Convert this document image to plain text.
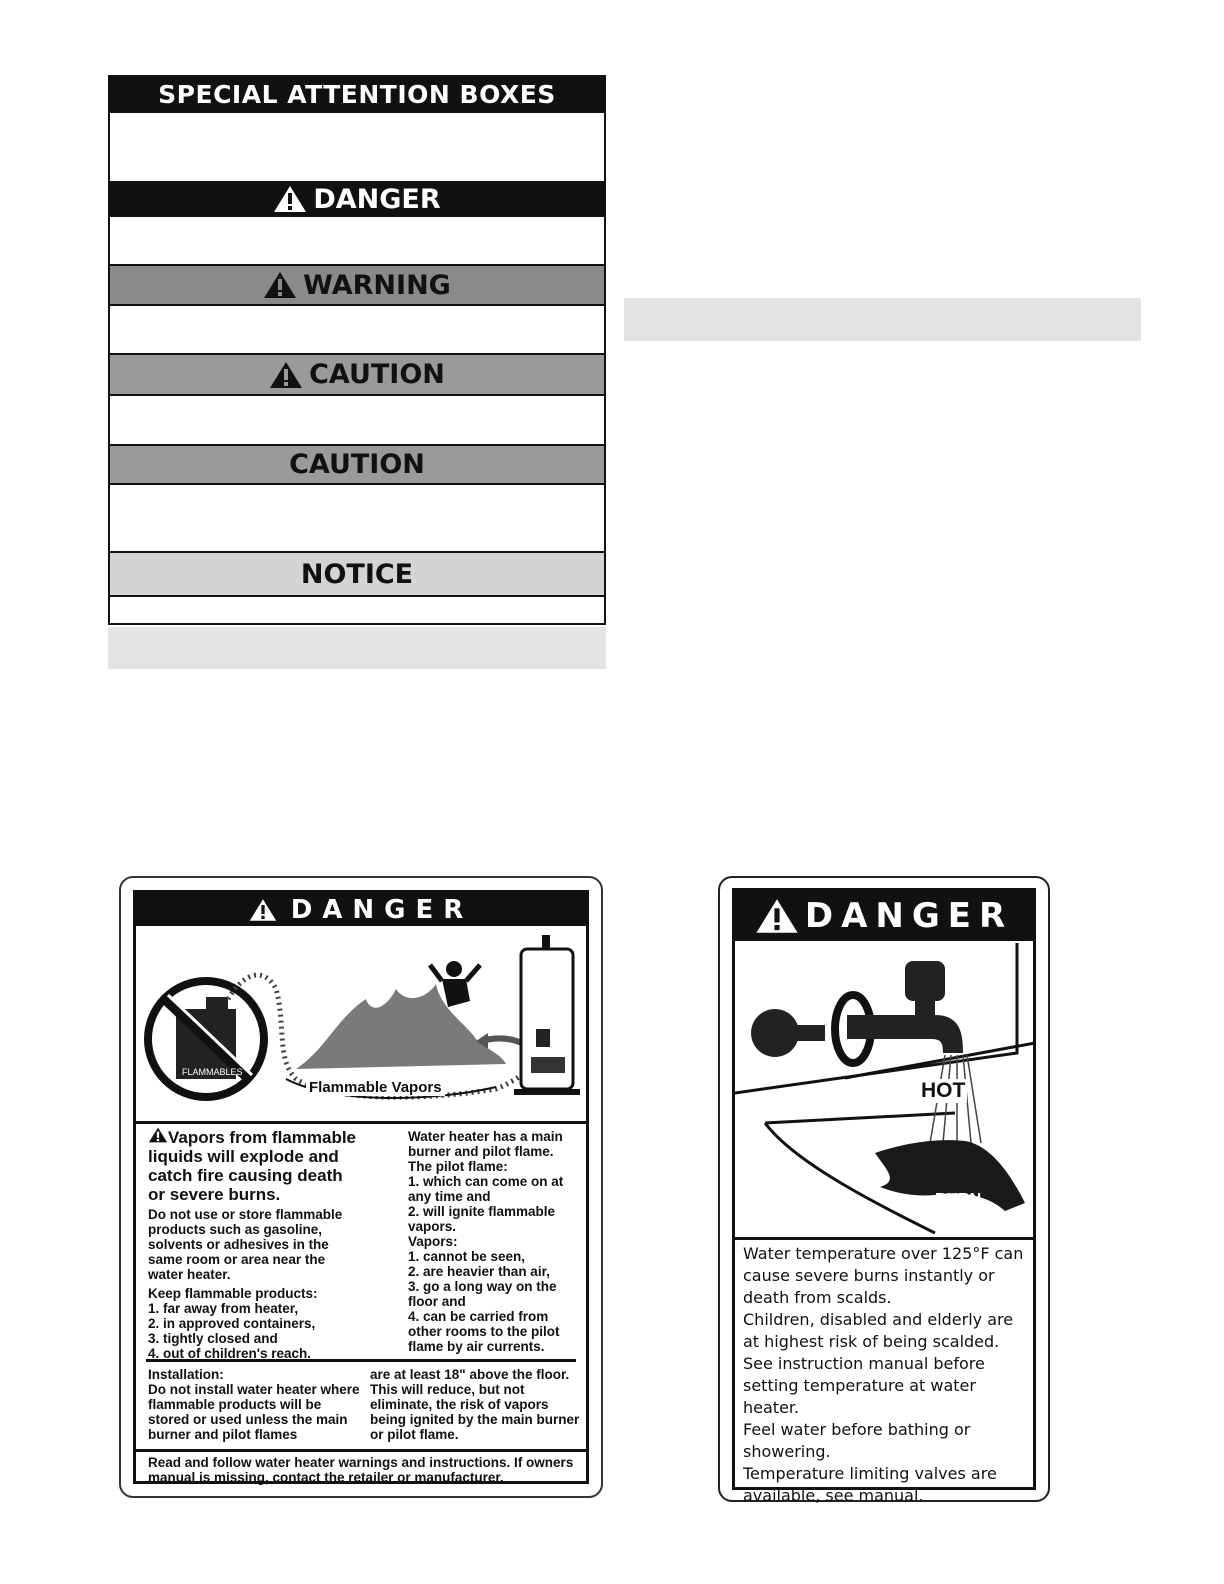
SPECIAL ATTENTION BOXES
DANGER
WARNING
CAUTION
CAUTION
NOTICE
DANGER
FLAMMABLES
Flammable Vapors

Vapors from flammable liquids will explode and catch fire causing death or severe burns.

Do not use or store flammable products such as gasoline, solvents or adhesives in the same room or area near the water heater.

Keep flammable products:

1. far away from heater,

2. in approved containers,

3. tightly closed and

4. out of children's reach.

Water heater has a main burner and pilot flame.

The pilot flame:

1. which can come on at any time and

2. will ignite flammable vapors.

Vapors:

1. cannot be seen,

2. are heavier than air,

3. go a long way on the floor and

4. can be carried from other rooms to the pilot flame by air currents.

Installation:

Do not install water heater where flammable products will be stored or used unless the main burner and pilot flames

are at least 18" above the floor. This will reduce, but not eliminate, the risk of vapors being ignited by the main burner or pilot flame.

Read and follow water heater warnings and instructions. If owners manual is missing, contact the retailer or manufacturer.

DANGER
HOT
BURN

Water temperature over 125°F can cause severe burns instantly or death from scalds.

Children, disabled and elderly are at highest risk of being scalded.

See instruction manual before setting temperature at water heater.

Feel water before bathing or showering.

Temperature limiting valves are available, see manual.
